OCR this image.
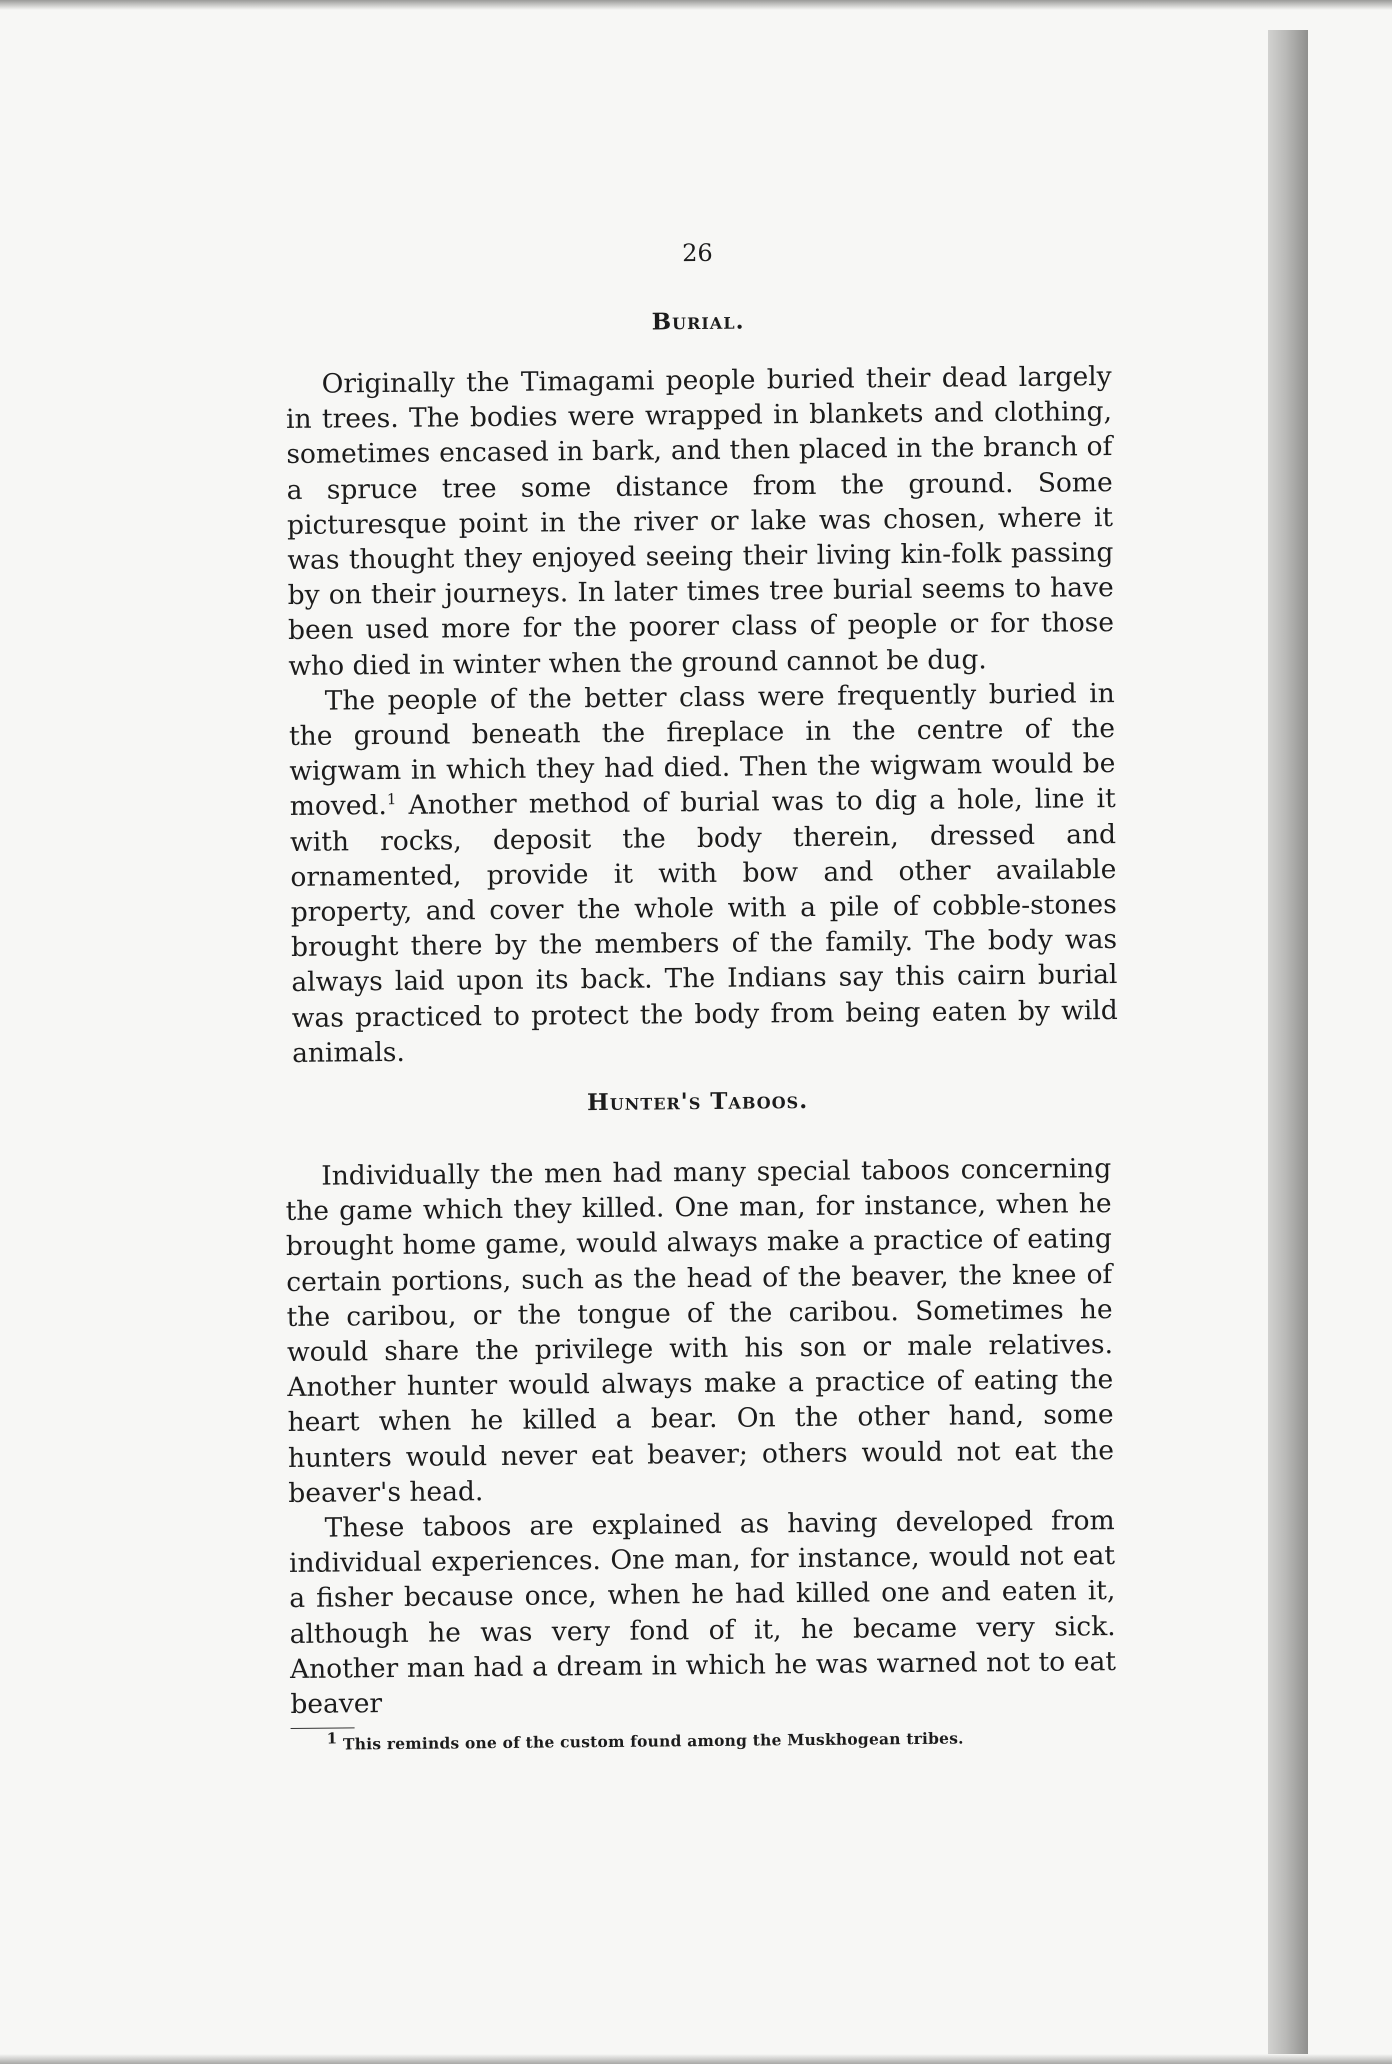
26
Burial.

Originally the Timagami people buried their dead largely in trees. The bodies were wrapped in blankets and clothing, sometimes encased in bark, and then placed in the branch of a spruce tree some distance from the ground. Some picturesque point in the river or lake was chosen, where it was thought they enjoyed seeing their living kin-folk passing by on their journeys. In later times tree burial seems to have been used more for the poorer class of people or for those who died in winter when the ground cannot be dug.

The people of the better class were frequently buried in the ground beneath the fireplace in the centre of the wigwam in which they had died. Then the wigwam would be moved.$^1$ Another method of burial was to dig a hole, line it with rocks, deposit the body therein, dressed and ornamented, provide it with bow and other available property, and cover the whole with a pile of cobble-stones brought there by the members of the family. The body was always laid upon its back. The Indians say this cairn burial was practiced to protect the body from being eaten by wild animals.

Hunter's Taboos.

Individually the men had many special taboos concerning the game which they killed. One man, for instance, when he brought home game, would always make a practice of eating certain portions, such as the head of the beaver, the knee of the caribou, or the tongue of the caribou. Sometimes he would share the privilege with his son or male relatives. Another hunter would always make a practice of eating the heart when he killed a bear. On the other hand, some hunters would never eat beaver; others would not eat the beaver's head.

These taboos are explained as having developed from individual experiences. One man, for instance, would not eat a fisher because once, when he had killed one and eaten it, although he was very fond of it, he became very sick. Another man had a dream in which he was warned not to eat beaver

$^1$ This reminds one of the custom found among the Muskhogean tribes.
